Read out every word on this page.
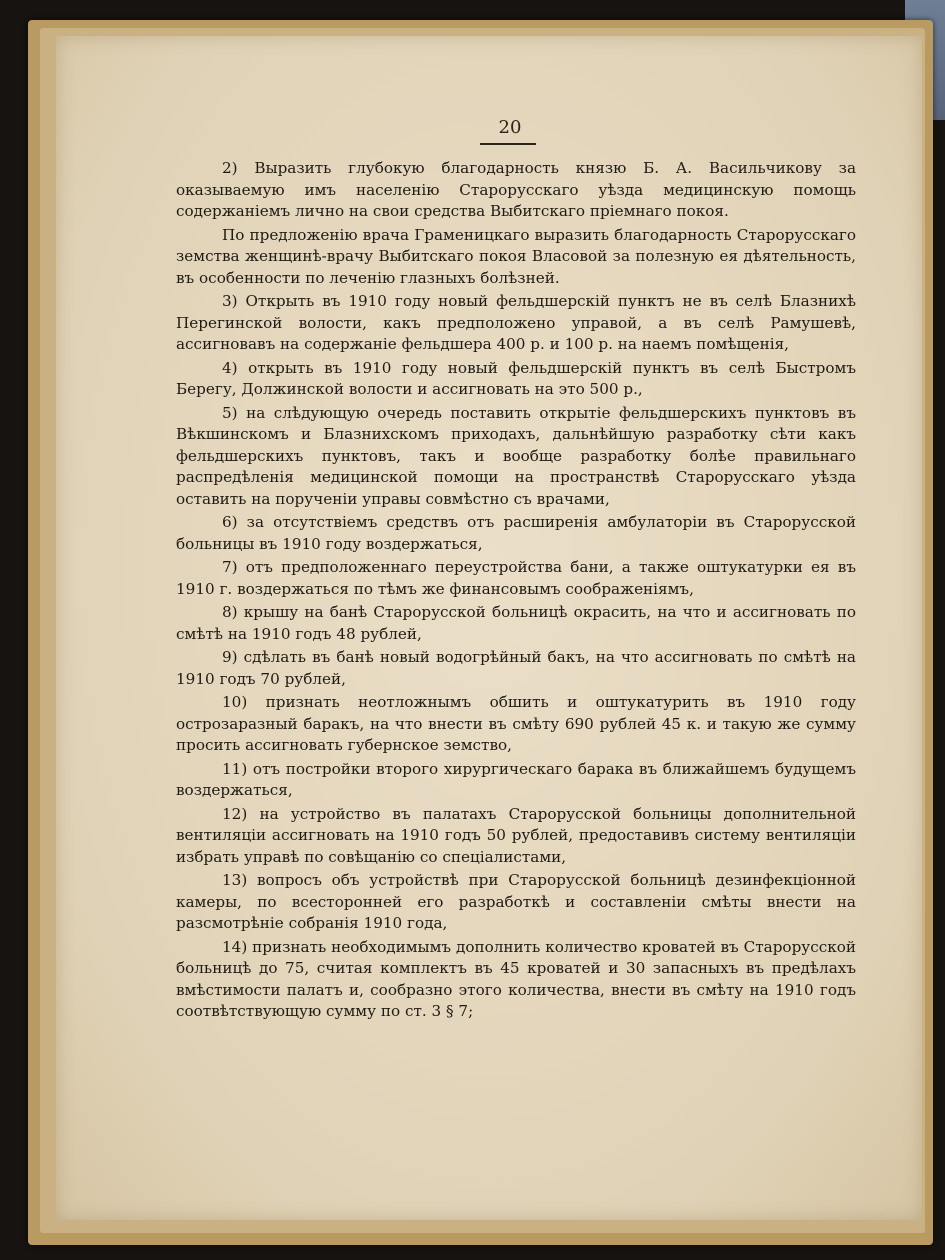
20

2) Выразить глубокую благодарность князю Б. А. Васильчикову за оказываемую имъ населенію Старорусскаго уѣзда медицинскую помощь содержаніемъ лично на свои средства Выбитскаго пріемнаго покоя.

По предложенію врача Граменицкаго выразить благодарность Старорусскаго земства женщинѣ-врачу Выбитскаго покоя Власовой за полезную ея дѣятельность, въ особенности по леченію глазныхъ болѣзней.

3) Открыть въ 1910 году новый фельдшерскій пунктъ не въ селѣ Блазнихѣ Перегинской волости, какъ предположено управой, а въ селѣ Рамушевѣ, ассигновавъ на содержаніе фельдшера 400 р. и 100 р. на наемъ помѣщенія,

4) открыть въ 1910 году новый фельдшерскій пунктъ въ селѣ Быстромъ Берегу, Должинской волости и ассигновать на это 500 р.,

5) на слѣдующую очередь поставить открытіе фельдшерскихъ пунктовъ въ Вѣкшинскомъ и Блазнихскомъ приходахъ, дальнѣйшую разработку сѣти какъ фельдшерскихъ пунктовъ, такъ и вообще разработку болѣе правильнаго распредѣленія медицинской помощи на пространствѣ Старорусскаго уѣзда оставить на порученіи управы совмѣстно съ врачами,

6) за отсутствіемъ средствъ отъ расширенія амбулаторіи въ Старорусской больницы въ 1910 году воздержаться,

7) отъ предположеннаго переустройства бани, а также оштукатурки ея въ 1910 г. воздержаться по тѣмъ же финансовымъ соображеніямъ,

8) крышу на банѣ Старорусской больницѣ окрасить, на что и ассигновать по смѣтѣ на 1910 годъ 48 рублей,

9) сдѣлать въ банѣ новый водогрѣйный бакъ, на что ассигновать по смѣтѣ на 1910 годъ 70 рублей,

10) признать неотложнымъ обшить и оштукатурить въ 1910 году острозаразный баракъ, на что внести въ смѣту 690 рублей 45 к. и такую же сумму просить ассигновать губернское земство,

11) отъ постройки второго хирургическаго барака въ ближайшемъ будущемъ воздержаться,

12) на устройство въ палатахъ Старорусской больницы дополнительной вентиляціи ассигновать на 1910 годъ 50 рублей, предоставивъ систему вентиляціи избрать управѣ по совѣщанію со спеціалистами,

13) вопросъ объ устройствѣ при Старорусской больницѣ дезинфекціонной камеры, по всесторонней его разработкѣ и составленіи смѣты внести на разсмотрѣніе собранія 1910 года,

14) признать необходимымъ дополнить количество кроватей въ Старорусской больницѣ до 75, считая комплектъ въ 45 кроватей и 30 запасныхъ въ предѣлахъ вмѣстимости палатъ и, сообразно этого количества, внести въ смѣту на 1910 годъ соотвѣтствующую сумму по ст. 3 § 7;
